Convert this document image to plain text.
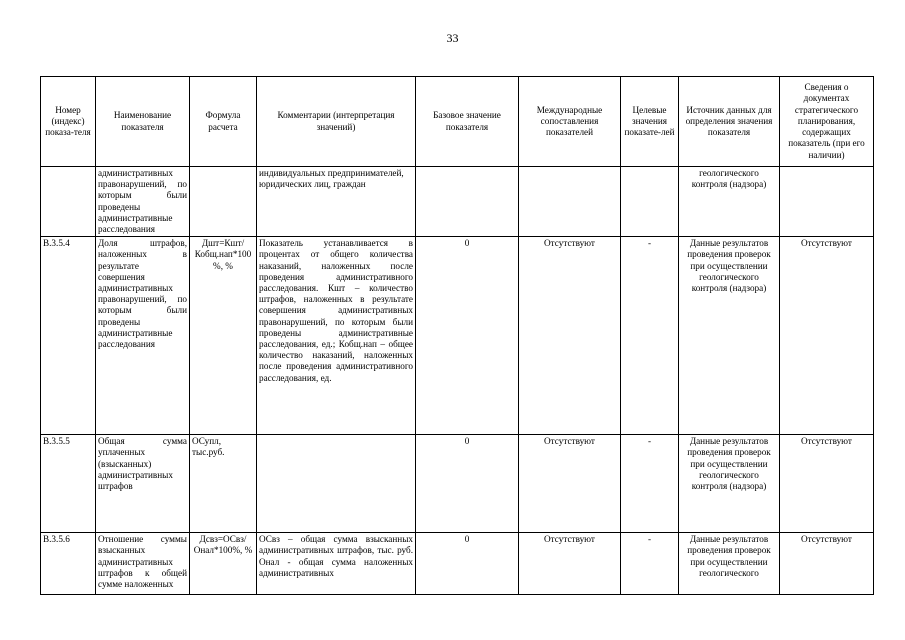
33
Номер (индекс) показа-теля	Наименование показателя	Формула расчета	Комментарии (интерпретация значений)	Базовое значение показателя	Международные сопоставления показателей	Целевые значения показате-лей	Источник данных для определения значения показателя	Сведения о документах стратегического планирования, содержащих показатель (при его наличии)
	административных правонарушений, по которым были проведены административные расследования		индивидуальных предпринимателей, юридических лиц, граждан				геологического контроля (надзора)	
В.3.5.4	Доля штрафов, наложенных в результате совершения административных правонарушений, по которым были проведены административные расследования	Дшт=Кшт/Кобщ.нап*100 %, %	Показатель устанавливается в процентах от общего количества наказаний, наложенных после проведения административного расследования. Кшт – количество штрафов, наложенных в результате совершения административных правонарушений, по которым были проведены административные расследования, ед.; Кобщ.нап – общее количество наказаний, наложенных после проведения административного расследования, ед.	0	Отсутствуют	-	Данные результатов проведения проверок при осуществлении геологического контроля (надзора)	Отсутствуют
В.3.5.5	Общая сумма уплаченных (взысканных) административных штрафов	ОСупл, тыс.руб.		0	Отсутствуют	-	Данные результатов проведения проверок при осуществлении геологического контроля (надзора)	Отсутствуют
В.3.5.6	Отношение суммы взысканных административных штрафов к общей сумме наложенных	Дсвз=ОСвз/Онал*100%, %	ОСвз – общая сумма взысканных административных штрафов, тыс. руб. Онал - общая сумма наложенных административных	0	Отсутствуют	-	Данные результатов проведения проверок при осуществлении геологического	Отсутствуют
